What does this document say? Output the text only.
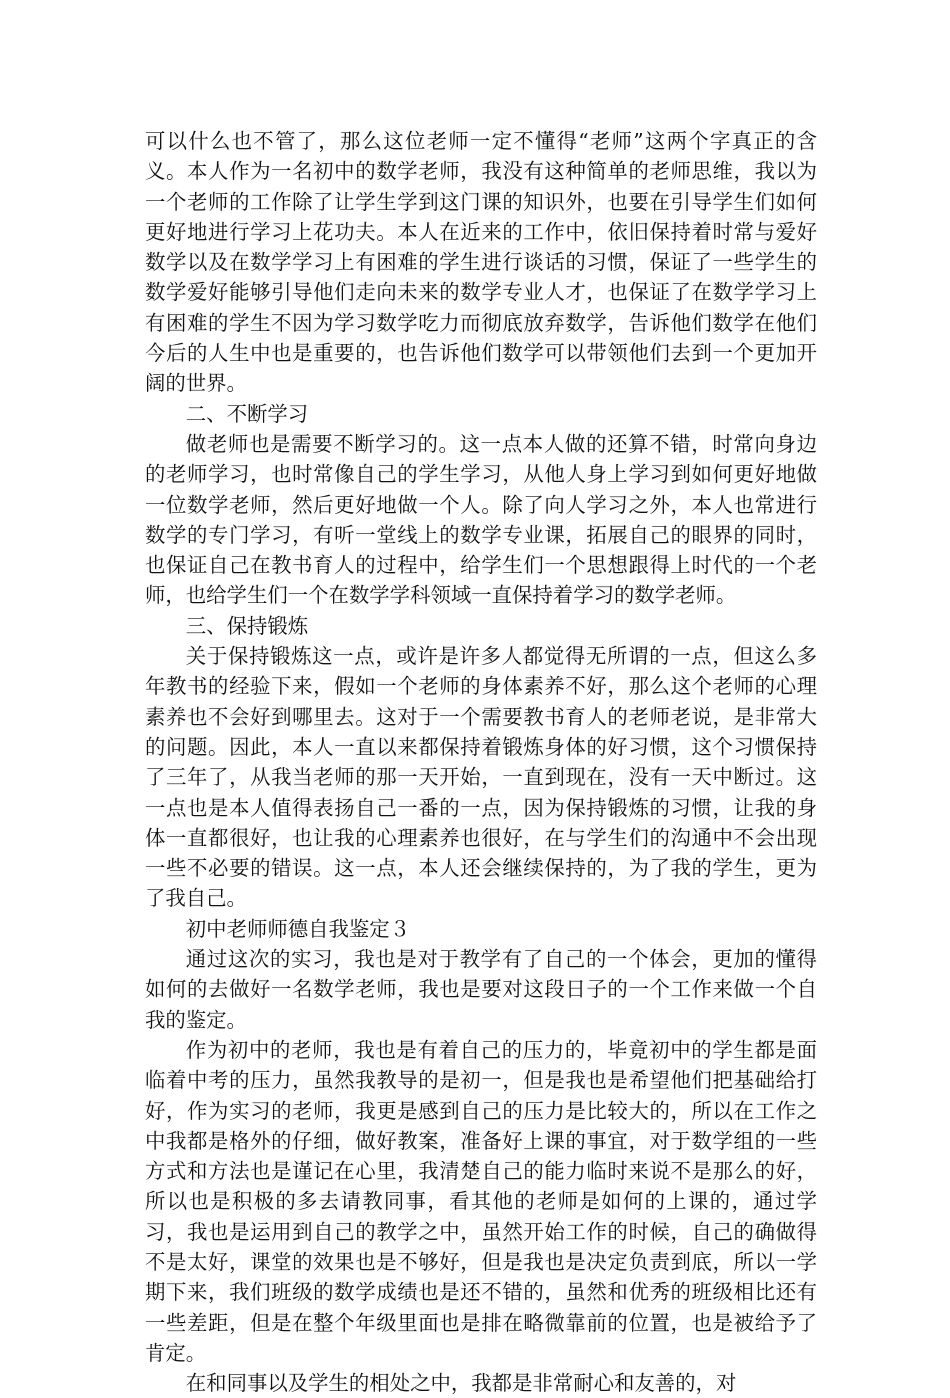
可以什么也不管了，那么这位老师一定不懂得“老师”这两个字真正的含义。本人作为一名初中的数学老师，我没有这种简单的老师思维，我以为一个老师的工作除了让学生学到这门课的知识外，也要在引导学生们如何更好地进行学习上花功夫。本人在近来的工作中，依旧保持着时常与爱好数学以及在数学学习上有困难的学生进行谈话的习惯，保证了一些学生的数学爱好能够引导他们走向未来的数学专业人才，也保证了在数学学习上有困难的学生不因为学习数学吃力而彻底放弃数学，告诉他们数学在他们今后的人生中也是重要的，也告诉他们数学可以带领他们去到一个更加开阔的世界。

二、不断学习

做老师也是需要不断学习的。这一点本人做的还算不错，时常向身边的老师学习，也时常像自己的学生学习，从他人身上学习到如何更好地做一位数学老师，然后更好地做一个人。除了向人学习之外，本人也常进行数学的专门学习，有听一堂线上的数学专业课，拓展自己的眼界的同时，也保证自己在教书育人的过程中，给学生们一个思想跟得上时代的一个老师，也给学生们一个在数学学科领域一直保持着学习的数学老师。

三、保持锻炼

关于保持锻炼这一点，或许是许多人都觉得无所谓的一点，但这么多年教书的经验下来，假如一个老师的身体素养不好，那么这个老师的心理素养也不会好到哪里去。这对于一个需要教书育人的老师老说，是非常大的问题。因此，本人一直以来都保持着锻炼身体的好习惯，这个习惯保持了三年了，从我当老师的那一天开始，一直到现在，没有一天中断过。这一点也是本人值得表扬自己一番的一点，因为保持锻炼的习惯，让我的身体一直都很好，也让我的心理素养也很好，在与学生们的沟通中不会出现一些不必要的错误。这一点，本人还会继续保持的，为了我的学生，更为了我自己。

初中老师师德自我鉴定３

通过这次的实习，我也是对于教学有了自己的一个体会，更加的懂得如何的去做好一名数学老师，我也是要对这段日子的一个工作来做一个自我的鉴定。

作为初中的老师，我也是有着自己的压力的，毕竟初中的学生都是面临着中考的压力，虽然我教导的是初一，但是我也是希望他们把基础给打好，作为实习的老师，我更是感到自己的压力是比较大的，所以在工作之中我都是格外的仔细，做好教案，准备好上课的事宜，对于数学组的一些方式和方法也是谨记在心里，我清楚自己的能力临时来说不是那么的好，所以也是积极的多去请教同事，看其他的老师是如何的上课的，通过学习，我也是运用到自己的教学之中，虽然开始工作的时候，自己的确做得不是太好，课堂的效果也是不够好，但是我也是决定负责到底，所以一学期下来，我们班级的数学成绩也是还不错的，虽然和优秀的班级相比还有一些差距，但是在整个年级里面也是排在略微靠前的位置，也是被给予了肯定。

在和同事以及学生的相处之中，我都是非常耐心和友善的，对
